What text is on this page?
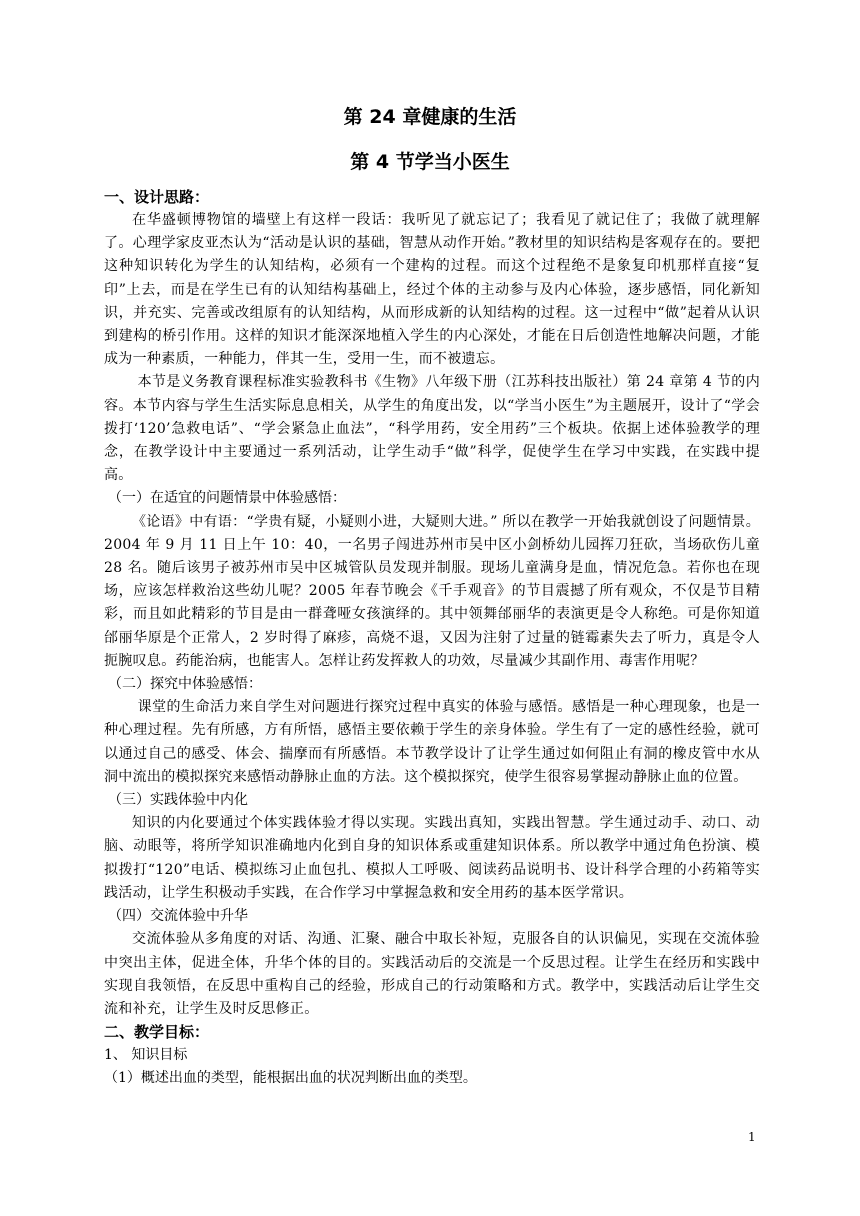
第 24 章健康的生活
第 4 节学当小医生

一、设计思路：

在华盛顿博物馆的墙壁上有这样一段话：我听见了就忘记了；我看见了就记住了；我做了就理解了。心理学家皮亚杰认为“活动是认识的基础，智慧从动作开始。”教材里的知识结构是客观存在的。要把这种知识转化为学生的认知结构，必须有一个建构的过程。而这个过程绝不是象复印机那样直接“复印”上去，而是在学生已有的认知结构基础上，经过个体的主动参与及内心体验，逐步感悟，同化新知识，并充实、完善或改组原有的认知结构，从而形成新的认知结构的过程。这一过程中“做”起着从认识到建构的桥引作用。这样的知识才能深深地植入学生的内心深处，才能在日后创造性地解决问题，才能成为一种素质，一种能力，伴其一生，受用一生，而不被遗忘。

本节是义务教育课程标准实验教科书《生物》八年级下册（江苏科技出版社）第 24 章第 4 节的内容。本节内容与学生生活实际息息相关，从学生的角度出发，以“学当小医生”为主题展开，设计了“学会拨打‘120’急救电话”、“学会紧急止血法”，“科学用药，安全用药”三个板块。依据上述体验教学的理念，在教学设计中主要通过一系列活动，让学生动手“做”科学，促使学生在学习中实践，在实践中提高。

（一）在适宜的问题情景中体验感悟：

《论语》中有语：“学贵有疑，小疑则小进，大疑则大进。” 所以在教学一开始我就创设了问题情景。2004 年 9 月 11 日上午 10：40，一名男子闯进苏州市吴中区小剑桥幼儿园挥刀狂砍，当场砍伤儿童 28 名。随后该男子被苏州市吴中区城管队员发现并制服。现场儿童满身是血，情况危急。若你也在现场，应该怎样救治这些幼儿呢？2005 年春节晚会《千手观音》的节目震撼了所有观众，不仅是节目精彩，而且如此精彩的节目是由一群聋哑女孩演绎的。其中领舞邰丽华的表演更是令人称绝。可是你知道邰丽华原是个正常人，2 岁时得了麻疹，高烧不退，又因为注射了过量的链霉素失去了听力，真是令人扼腕叹息。药能治病，也能害人。怎样让药发挥救人的功效，尽量减少其副作用、毒害作用呢？

（二）探究中体验感悟：

课堂的生命活力来自学生对问题进行探究过程中真实的体验与感悟。感悟是一种心理现象，也是一种心理过程。先有所感，方有所悟，感悟主要依赖于学生的亲身体验。学生有了一定的感性经验，就可以通过自己的感受、体会、揣摩而有所感悟。本节教学设计了让学生通过如何阻止有洞的橡皮管中水从洞中流出的模拟探究来感悟动静脉止血的方法。这个模拟探究，使学生很容易掌握动静脉止血的位置。

（三）实践体验中内化

知识的内化要通过个体实践体验才得以实现。实践出真知，实践出智慧。学生通过动手、动口、动脑、动眼等，将所学知识准确地内化到自身的知识体系或重建知识体系。所以教学中通过角色扮演、模拟拨打“120”电话、模拟练习止血包扎、模拟人工呼吸、阅读药品说明书、设计科学合理的小药箱等实践活动，让学生积极动手实践，在合作学习中掌握急救和安全用药的基本医学常识。

（四）交流体验中升华

交流体验从多角度的对话、沟通、汇聚、融合中取长补短，克服各自的认识偏见，实现在交流体验中突出主体，促进全体，升华个体的目的。实践活动后的交流是一个反思过程。让学生在经历和实践中实现自我领悟，在反思中重构自己的经验，形成自己的行动策略和方式。教学中，实践活动后让学生交流和补充，让学生及时反思修正。

二、教学目标：

1、 知识目标

（1）概述出血的类型，能根据出血的状况判断出血的类型。

1
